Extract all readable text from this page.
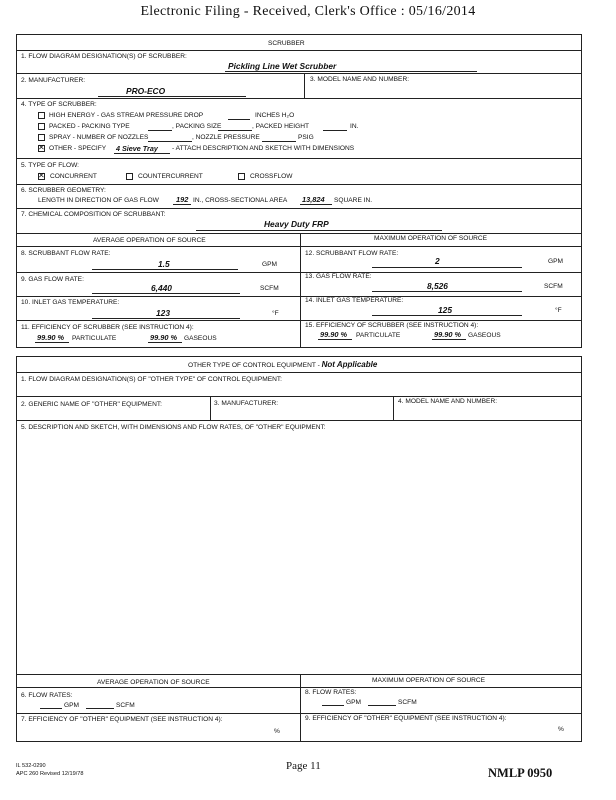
Electronic Filing - Received, Clerk's Office : 05/16/2014
SCRUBBER
1. FLOW DIAGRAM DESIGNATION(S) OF SCRUBBER:
Pickling Line Wet Scrubber
2. MANUFACTURER:
PRO-ECO
3. MODEL NAME AND NUMBER:
4. TYPE OF SCRUBBER:
HIGH ENERGY - GAS STREAM PRESSURE DROP	INCHES H₂O
PACKED - PACKING TYPE	, PACKING SIZE	, PACKED HEIGHT	IN.
SPRAY - NUMBER OF NOZZLES	, NOZZLE PRESSURE	PSIG
✕
OTHER - SPECIFY 4 Sieve Tray - ATTACH DESCRIPTION AND SKETCH WITH DIMENSIONS
5. TYPE OF FLOW:
✕
CONCURRENT	COUNTERCURRENT	CROSSFLOW
6. SCRUBBER GEOMETRY:
LENGTH IN DIRECTION OF GAS FLOW 192 IN., CROSS-SECTIONAL AREA 13,824 SQUARE IN.
7. CHEMICAL COMPOSITION OF SCRUBBANT:
Heavy Duty FRP
AVERAGE OPERATION OF SOURCE	MAXIMUM OPERATION OF SOURCE
8. SCRUBBANT FLOW RATE:
1.5	GPM
12. SCRUBBANT FLOW RATE:
2	GPM
9. GAS FLOW RATE:
6,440	SCFM
13. GAS FLOW RATE:
8,526	SCFM
10. INLET GAS TEMPERATURE:
123	°F
14. INLET GAS TEMPERATURE:
125	°F
11. EFFICIENCY OF SCRUBBER (SEE INSTRUCTION 4):
99.90 % PARTICULATE	99.90 % GASEOUS
15. EFFICIENCY OF SCRUBBER (SEE INSTRUCTION 4):
99.90 % PARTICULATE	99.90 % GASEOUS
OTHER TYPE OF CONTROL EQUIPMENT - Not Applicable
1. FLOW DIAGRAM DESIGNATION(S) OF "OTHER TYPE" OF CONTROL EQUIPMENT:
2. GENERIC NAME OF "OTHER" EQUIPMENT:	3. MANUFACTURER:	4. MODEL NAME AND NUMBER:
5. DESCRIPTION AND SKETCH, WITH DIMENSIONS AND FLOW RATES, OF "OTHER" EQUIPMENT:
AVERAGE OPERATION OF SOURCE	MAXIMUM OPERATION OF SOURCE
6. FLOW RATES:
GPM	SCFM
8. FLOW RATES:
GPM	SCFM
7. EFFICIENCY OF "OTHER" EQUIPMENT (SEE INSTRUCTION 4):
%
9. EFFICIENCY OF "OTHER" EQUIPMENT (SEE INSTRUCTION 4):
%
IL 532-0290
APC 260 Revised 12/19/78
Page 11	NMLP 0950
